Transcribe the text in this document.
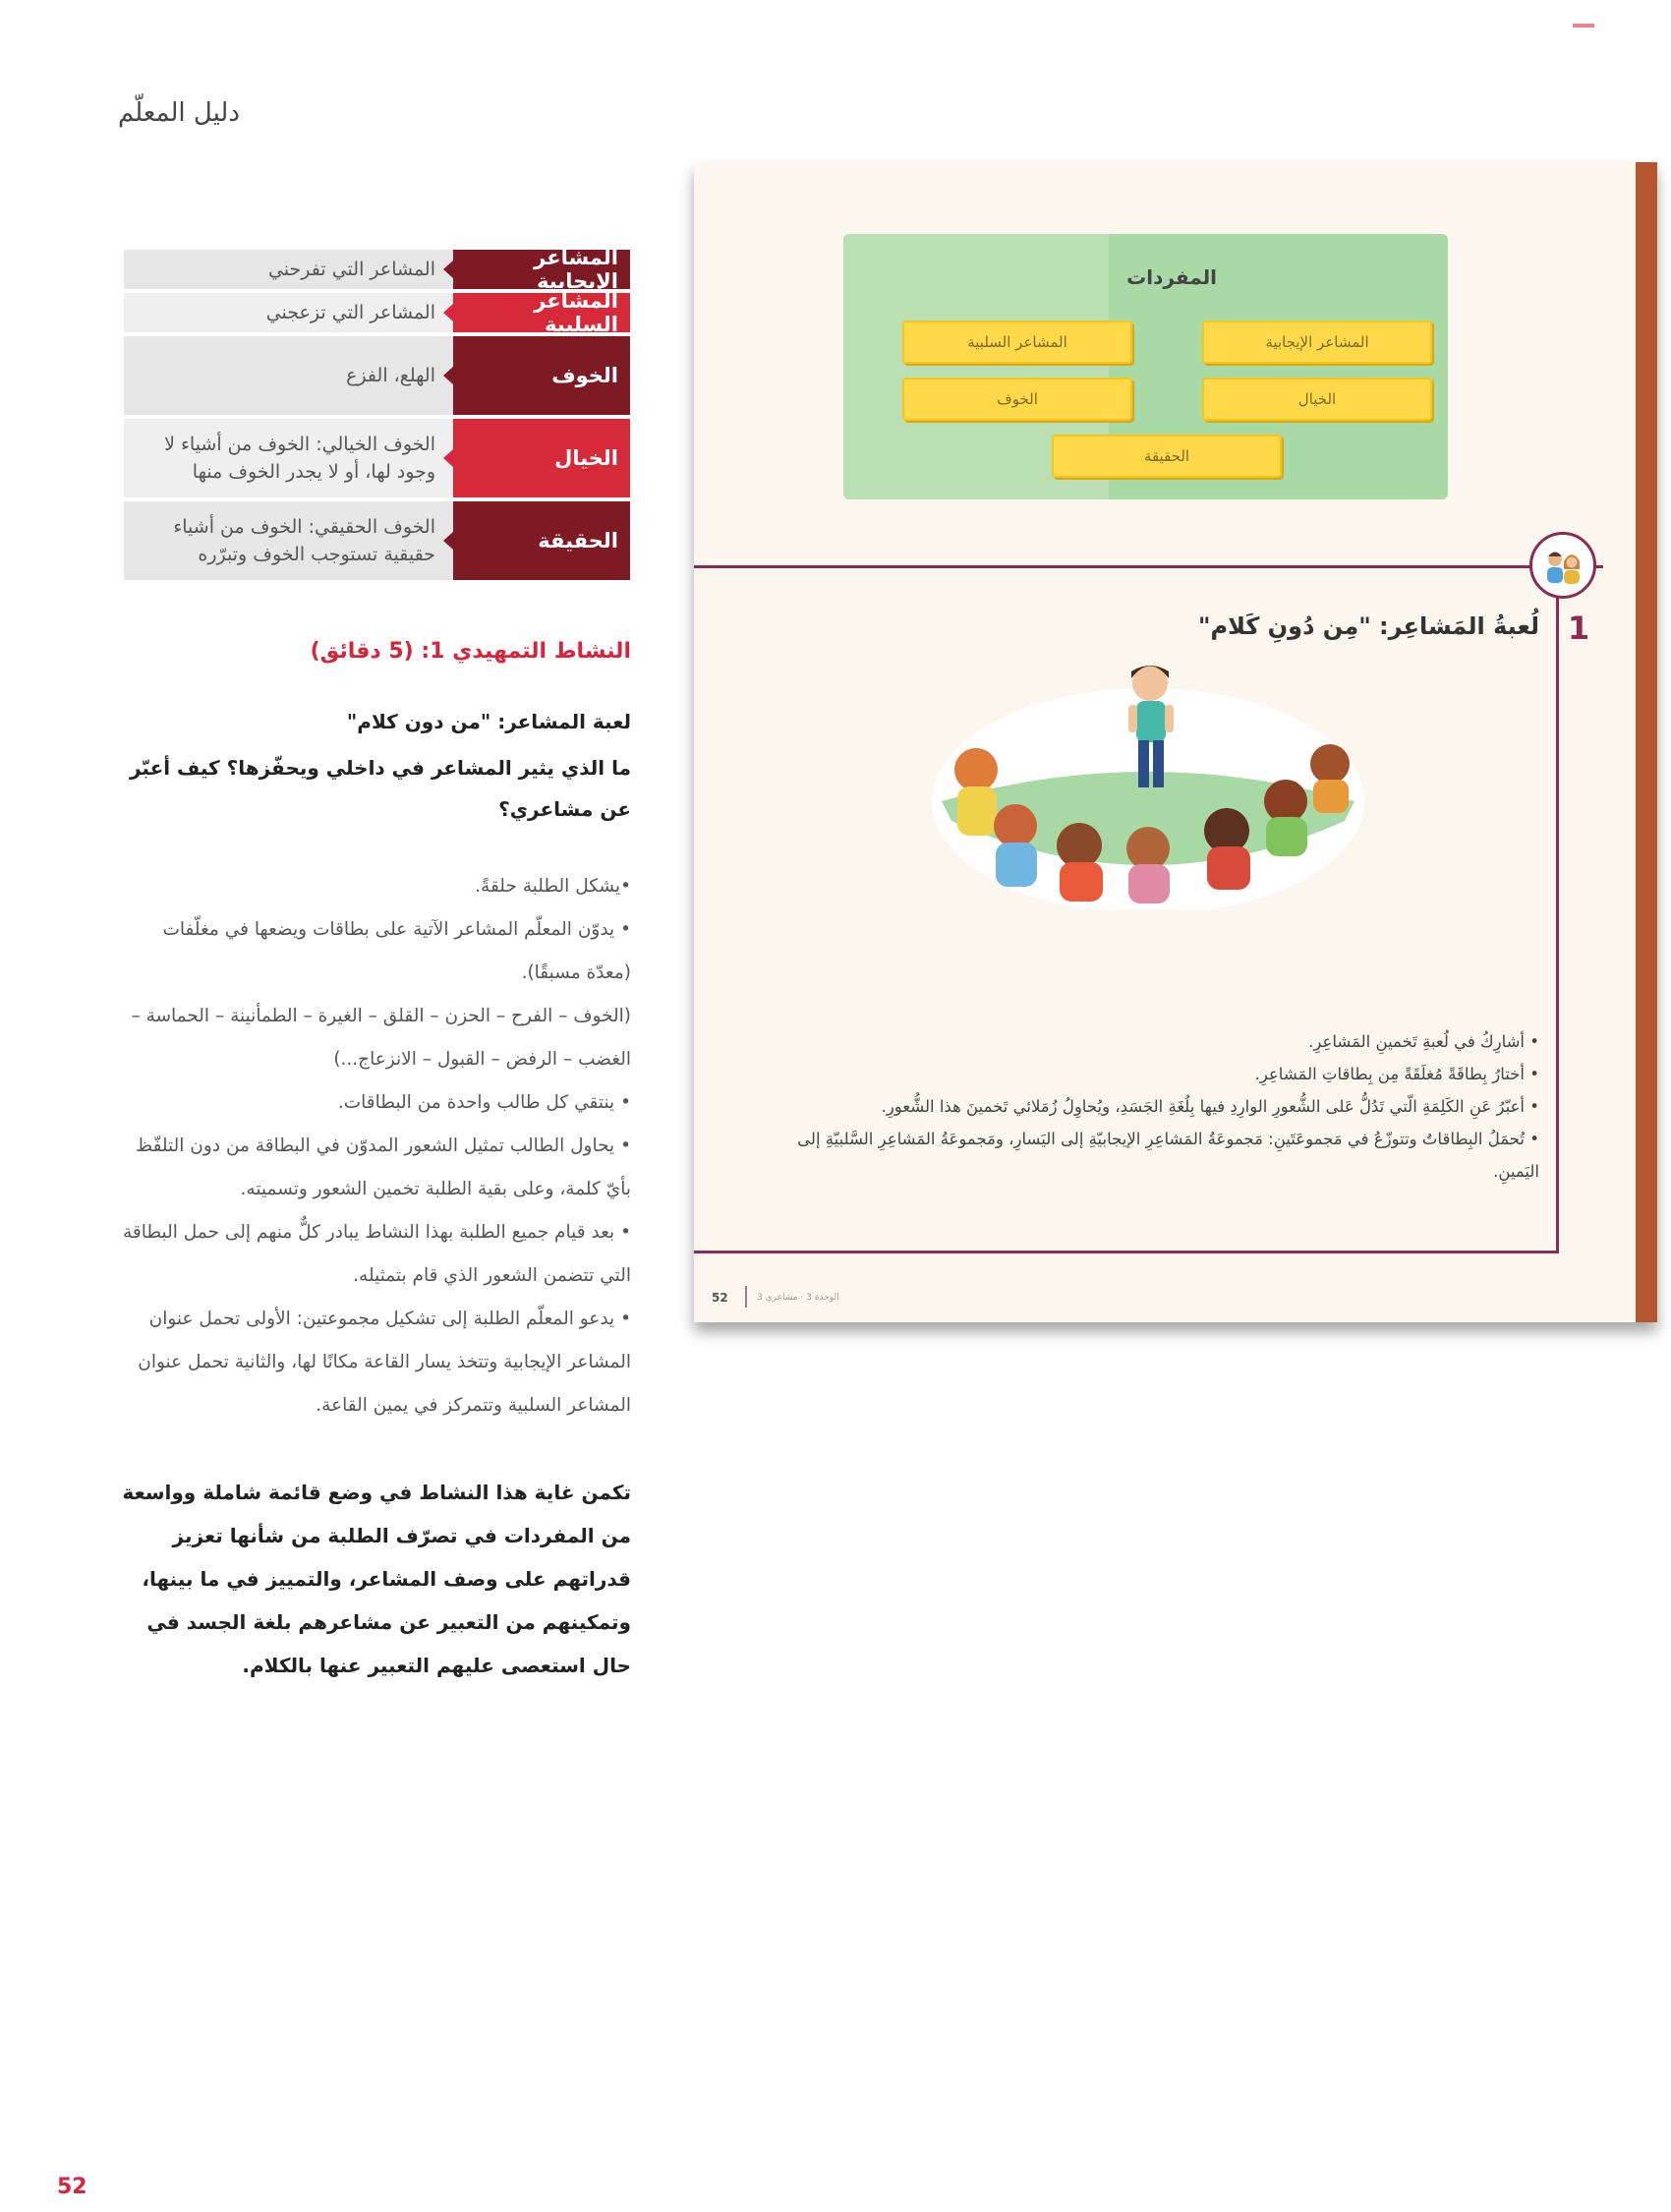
دليل المعلّم
المشاعر الإيجابية
المشاعر التي تفرحني
المشاعر السلبية
المشاعر التي تزعجني
الخوف
الهلع، الفزع
الخيال
الخوف الخيالي: الخوف من أشياء لا وجود لها، أو لا يجدر الخوف منها
الحقيقة
الخوف الحقيقي: الخوف من أشياء حقيقية تستوجب الخوف وتبرّره
النشاط التمهيدي 1: (5 دقائق)
لعبة المشاعر: "من دون كلام"
ما الذي يثير المشاعر في داخلي ويحفّزها؟ كيف أعبّر عن مشاعري؟
•يشكل الطلبة حلقةً.
• يدوّن المعلّم المشاعر الآتية على بطاقات ويضعها في مغلّفات (معدّة مسبقًا).
(الخوف – الفرح – الحزن – القلق – الغيرة – الطمأنينة – الحماسة – الغضب – الرفض – القبول – الانزعاج...)
• ينتقي كل طالب واحدة من البطاقات.
• يحاول الطالب تمثيل الشعور المدوّن في البطاقة من دون التلفّظ بأيّ كلمة، وعلى بقية الطلبة تخمين الشعور وتسميته.
• بعد قيام جميع الطلبة بهذا النشاط يبادر كلٌّ منهم إلى حمل البطاقة التي تتضمن الشعور الذي قام بتمثيله.
• يدعو المعلّم الطلبة إلى تشكيل مجموعتين: الأولى تحمل عنوان المشاعر الإيجابية وتتخذ يسار القاعة مكانًا لها، والثانية تحمل عنوان المشاعر السلبية وتتمركز في يمين القاعة.
تكمن غاية هذا النشاط في وضع قائمة شاملة وواسعة من المفردات في تصرّف الطلبة من شأنها تعزيز قدراتهم على وصف المشاعر، والتمييز في ما بينها، وتمكينهم من التعبير عن مشاعرهم بلغة الجسد في حال استعصى عليهم التعبير عنها بالكلام.
المفردات
المشاعر الإيجابية
المشاعر السلبية
الخيال
الخوف
الحقيقة
1
لُعبةُ المَشاعِر: "مِن دُونِ كَلام"
• أشارِكُ في لُعبةِ تَخمينِ المَشاعِرِ.
• أختارُ بِطاقَةً مُغلَقَةً مِن بِطاقاتِ المَشاعِرِ.
• أعبّرُ عَنِ الكَلِمَةِ الّتي تَدُلُّ عَلى الشُّعورِ الوارِدِ فيها بِلُغَةِ الجَسَدِ، ويُحاوِلُ زُمَلائي تَخمينَ هذا الشُّعورِ.
• تُحمَلُ البِطاقاتُ وتتوزّعُ في مَجموعَتَينِ: مَجموعَةُ المَشاعِرِ الإيجابيّةِ إلى اليَسارِ، ومَجموعَةُ المَشاعِرِ السَّلبيّةِ إلى اليَمينِ.
52	الوحدة 3 · مشاعري 3
52
